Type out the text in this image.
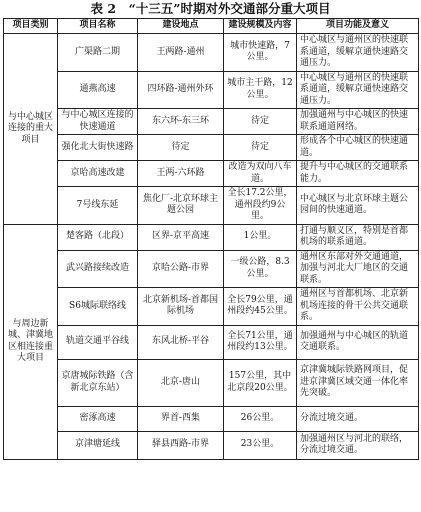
表 2　“十三五”时期对外交通部分重大项目
项目类别	项目名称	建设地点	建设规模及内容	项目功能及意义
与中心城区连接的重大项目	广渠路二期	王两路-通州	城市快速路，7公里。	中心城区与通州区的快速联系通道，缓解京通快速路交通压力。
	通燕高速	四环路-通州外环	城市主干路，12公里。	中心城区与通州区的快速联系通道，缓解京通快速路交通压力。
	与中心城区连接的快速通道	东六环-东三环	待定	加强通州与中心城区的快速联系通道网络。
	强化北大街快速路	待定	待定	形成各个中心城区的快速通道。
	京哈高速改建	王两-六环路	改造为双向八车道。	提升与中心城区的交通联系能力。
	7号线东延	焦化厂-北京环球主题公园	全长17.2公里，通州段约9公里。	中心城区与北京环球主题公园间的快速通道。
与周边新城、津冀地区相连接重大项目	楚客路（北段）	区界-京平高速	1公里。	打通与顺义区，特别是首都机场的联系通道。
	武兴路接续改造	京哈公路-市界	一级公路，8.3公里。	通州区东部对外交通通道，加强与河北大厂地区的交通联系。
	S6城际联络线	北京新机场-首都国际机场	全长79公里，通州段约45公里。	通州区与首都机场、北京新机场连接的骨干公共交通联系。
	轨道交通平谷线	东风北桥-平谷	全长71公里，通州段约13公里。	加强通州与中心城区的轨道交通联系。
	京唐城际铁路（含新北京东站）	北京-唐山	157公里，其中北京段20公里。	京津冀城际铁路网项目，促进京津冀区域交通一体化率先突破。
	密涿高速	界首-西集	26公里。	分流过境交通。
	京津塘延线	驿县西路-市界	23公里。	加强通州区与河北的联络，分流过境交通。
